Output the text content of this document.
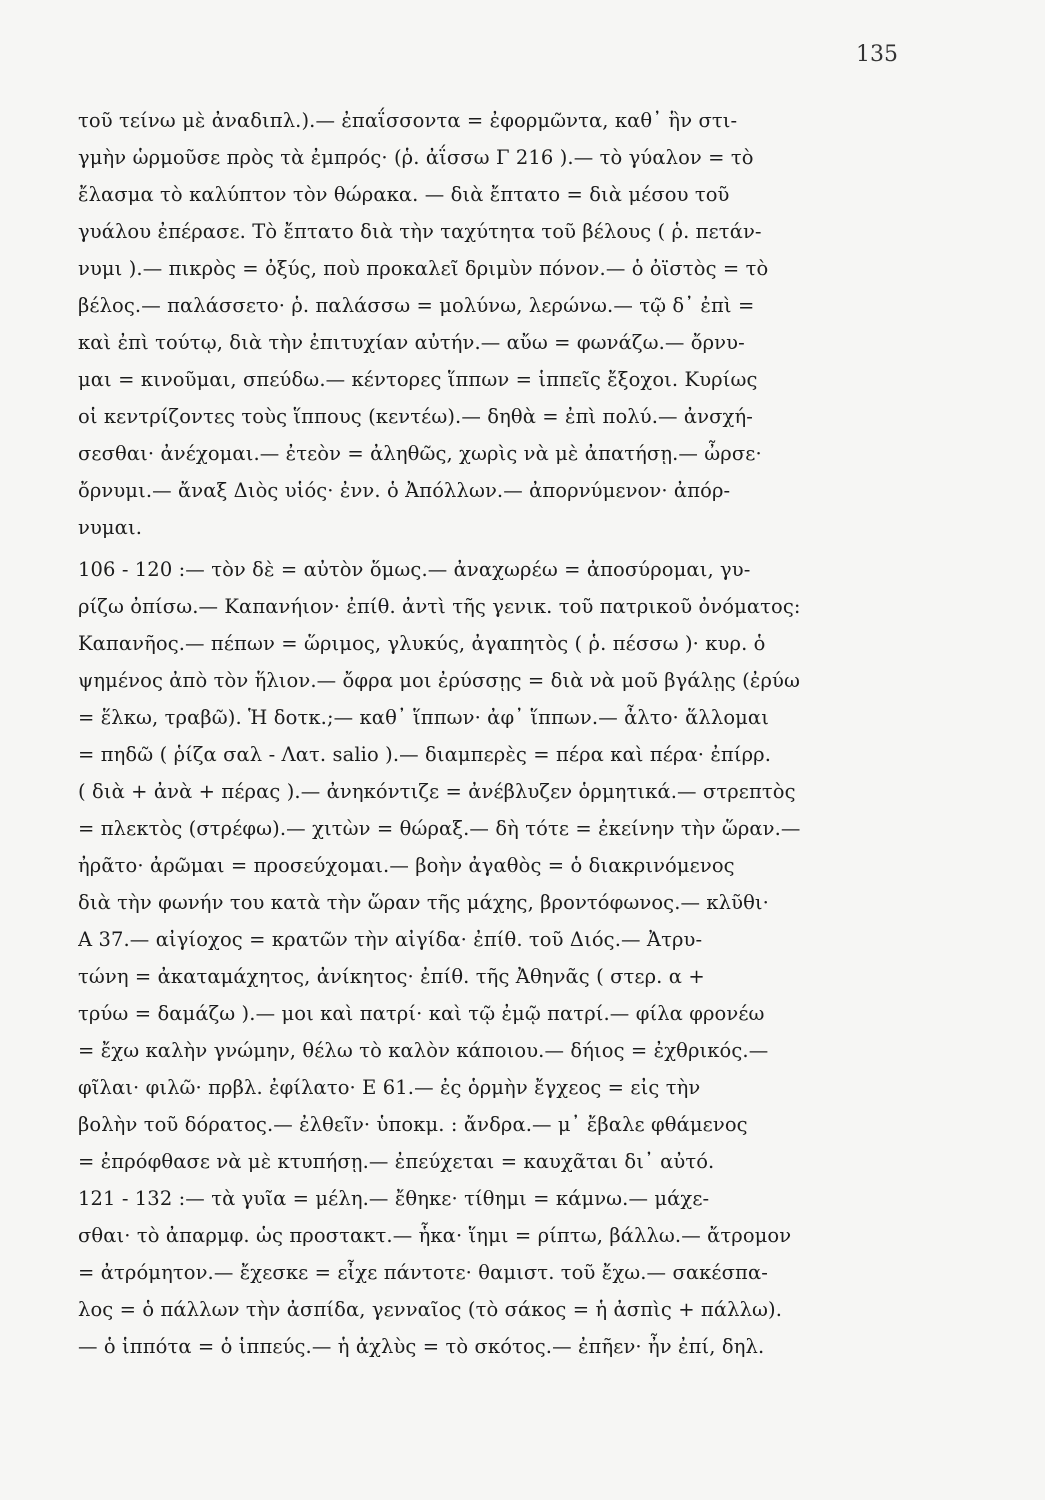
135
τοῦ τείνω μὲ ἀναδιπλ.).— ἐπαΐσσοντα = ἐφορμῶντα, καθ᾽ ἣν στι-
γμὴν ὡρμοῦσε πρὸς τὰ ἐμπρός· (ῥ. ἀΐσσω Γ 216 ).— τὸ γύαλον = τὸ
ἔλασμα τὸ καλύπτον τὸν θώρακα. — διὰ ἔπτατο = διὰ μέσου τοῦ
γυάλου ἐπέρασε. Τὸ ἔπτατο διὰ τὴν ταχύτητα τοῦ βέλους ( ῥ. πετάν-
νυμι ).— πικρὸς = ὀξύς, ποὺ προκαλεῖ δριμὺν πόνον.— ὁ ὀϊστὸς = τὸ
βέλος.— παλάσσετο· ῥ. παλάσσω = μολύνω, λερώνω.— τῷ δ᾽ ἐπὶ =
καὶ ἐπὶ τούτῳ, διὰ τὴν ἐπιτυχίαν αὐτήν.— αὔω = φωνάζω.— ὄρνυ-
μαι = κινοῦμαι, σπεύδω.— κέντορες ἵππων = ἱππεῖς ἔξοχοι. Κυρίως
οἱ κεντρίζοντες τοὺς ἵππους (κεντέω).— δηθὰ = ἐπὶ πολύ.— ἀνσχή-
σεσθαι· ἀνέχομαι.— ἐτεὸν = ἀληθῶς, χωρὶς νὰ μὲ ἀπατήσῃ.— ὦρσε·
ὄρνυμι.— ἄναξ Διὸς υἱός· ἐνν. ὁ Ἀπόλλων.— ἀπορνύμενον· ἀπόρ-
νυμαι.
106 - 120 :— τὸν δὲ = αὐτὸν ὅμως.— ἀναχωρέω = ἀποσύρομαι, γυ-
ρίζω ὀπίσω.— Καπανήιον· ἐπίθ. ἀντὶ τῆς γενικ. τοῦ πατρικοῦ ὀνόματος:
Καπανῆος.— πέπων = ὥριμος, γλυκύς, ἀγαπητὸς ( ῥ. πέσσω )· κυρ. ὁ
ψημένος ἀπὸ τὸν ἥλιον.— ὄφρα μοι ἐρύσσῃς = διὰ νὰ μοῦ βγάλῃς (ἐρύω
= ἕλκω, τραβῶ). Ἡ δοτκ.;— καθ᾽ ἵππων· ἀφ᾽ ἵππων.— ἆλτο· ἅλλομαι
= πηδῶ ( ῥίζα σαλ - Λατ. salio ).— διαμπερὲς = πέρα καὶ πέρα· ἐπίρρ.
( διὰ + ἀνὰ + πέρας ).— ἀνηκόντιζε = ἀνέβλυζεν ὁρμητικά.— στρεπτὸς
= πλεκτὸς (στρέφω).— χιτὼν = θώραξ.— δὴ τότε = ἐκείνην τὴν ὥραν.—
ἠρᾶτο· ἀρῶμαι = προσεύχομαι.— βοὴν ἀγαθὸς = ὁ διακρινόμενος
διὰ τὴν φωνήν του κατὰ τὴν ὥραν τῆς μάχης, βροντόφωνος.— κλῦθι·
Α 37.— αἰγίοχος = κρατῶν τὴν αἰγίδα· ἐπίθ. τοῦ Διός.— Ἀτρυ-
τώνη = ἀκαταμάχητος, ἀνίκητος· ἐπίθ. τῆς Ἀθηνᾶς ( στερ. α +
τρύω = δαμάζω ).— μοι καὶ πατρί· καὶ τῷ ἐμῷ πατρί.— φίλα φρονέω
= ἔχω καλὴν γνώμην, θέλω τὸ καλὸν κάποιου.— δήιος = ἐχθρικός.—
φῖλαι· φιλῶ· πρβλ. ἐφίλατο· Ε 61.— ἐς ὁρμὴν ἔγχεος = εἰς τὴν
βολὴν τοῦ δόρατος.— ἐλθεῖν· ὑποκμ. : ἄνδρα.— μ᾽ ἔβαλε φθάμενος
= ἐπρόφθασε νὰ μὲ κτυπήσῃ.— ἐπεύχεται = καυχᾶται δι᾽ αὐτό.
121 - 132 :— τὰ γυῖα = μέλη.— ἔθηκε· τίθημι = κάμνω.— μάχε-
σθαι· τὸ ἀπαρμφ. ὡς προστακτ.— ἧκα· ἵημι = ρίπτω, βάλλω.— ἄτρομον
= ἀτρόμητον.— ἔχεσκε = εἶχε πάντοτε· θαμιστ. τοῦ ἔχω.— σακέσπα-
λος = ὁ πάλλων τὴν ἀσπίδα, γενναῖος (τὸ σάκος = ἡ ἀσπὶς + πάλλω).
— ὁ ἱππότα = ὁ ἱππεύς.— ἡ ἀχλὺς = τὸ σκότος.— ἐπῆεν· ἦν ἐπί, δηλ.
